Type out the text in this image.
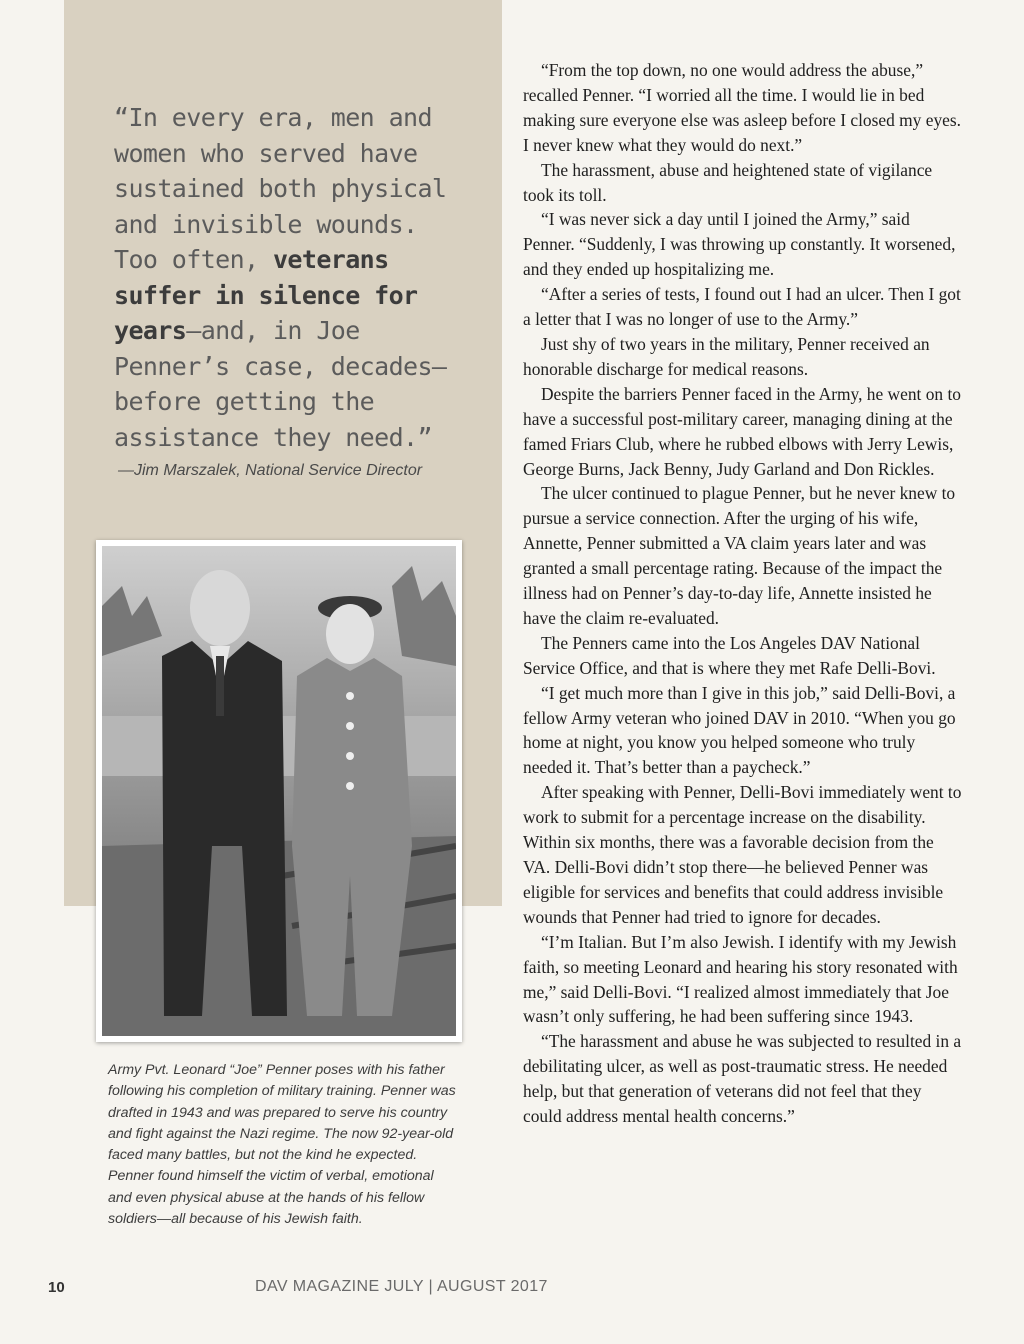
“In every era, men and women who served have sustained both physical and invisible wounds. Too often, veterans suffer in silence for years—and, in Joe Penner’s case, decades—before getting the assistance they need.”
—Jim Marszalek, National Service Director
Army Pvt. Leonard “Joe” Penner poses with his father following his completion of military training. Penner was drafted in 1943 and was prepared to serve his country and fight against the Nazi regime. The now 92-year-old faced many battles, but not the kind he expected. Penner found himself the victim of verbal, emotional and even physical abuse at the hands of his fellow soldiers—all because of his Jewish faith.

“From the top down, no one would address the abuse,” recalled Penner. “I worried all the time. I would lie in bed making sure everyone else was asleep before I closed my eyes. I never knew what they would do next.”

The harassment, abuse and heightened state of vigilance took its toll.

“I was never sick a day until I joined the Army,” said Penner. “Suddenly, I was throwing up constantly. It worsened, and they ended up hospitalizing me.

“After a series of tests, I found out I had an ulcer. Then I got a letter that I was no longer of use to the Army.”

Just shy of two years in the military, Penner received an honorable discharge for medical reasons.

Despite the barriers Penner faced in the Army, he went on to have a successful post-military career, managing dining at the famed Friars Club, where he rubbed elbows with Jerry Lewis, George Burns, Jack Benny, Judy Garland and Don Rickles.

The ulcer continued to plague Penner, but he never knew to pursue a service connection. After the urging of his wife, Annette, Penner submitted a VA claim years later and was granted a small percentage rating. Because of the impact the illness had on Penner’s day-to-day life, Annette insisted he have the claim re-evaluated.

The Penners came into the Los Angeles DAV National Service Office, and that is where they met Rafe Delli-Bovi.

“I get much more than I give in this job,” said Delli-Bovi, a fellow Army veteran who joined DAV in 2010. “When you go home at night, you know you helped someone who truly needed it. That’s better than a paycheck.”

After speaking with Penner, Delli-Bovi immediately went to work to submit for a percentage increase on the disability. Within six months, there was a favorable decision from the VA. Delli-Bovi didn’t stop there—he believed Penner was eligible for services and benefits that could address invisible wounds that Penner had tried to ignore for decades.

“I’m Italian. But I’m also Jewish. I identify with my Jewish faith, so meeting Leonard and hearing his story resonated with me,” said Delli-Bovi. “I realized almost immediately that Joe wasn’t only suffering, he had been suffering since 1943.

“The harassment and abuse he was subjected to resulted in a debilitating ulcer, as well as post-traumatic stress. He needed help, but that generation of veterans did not feel that they could address mental health concerns.”

10	DAV MAGAZINE JULY | AUGUST 2017
